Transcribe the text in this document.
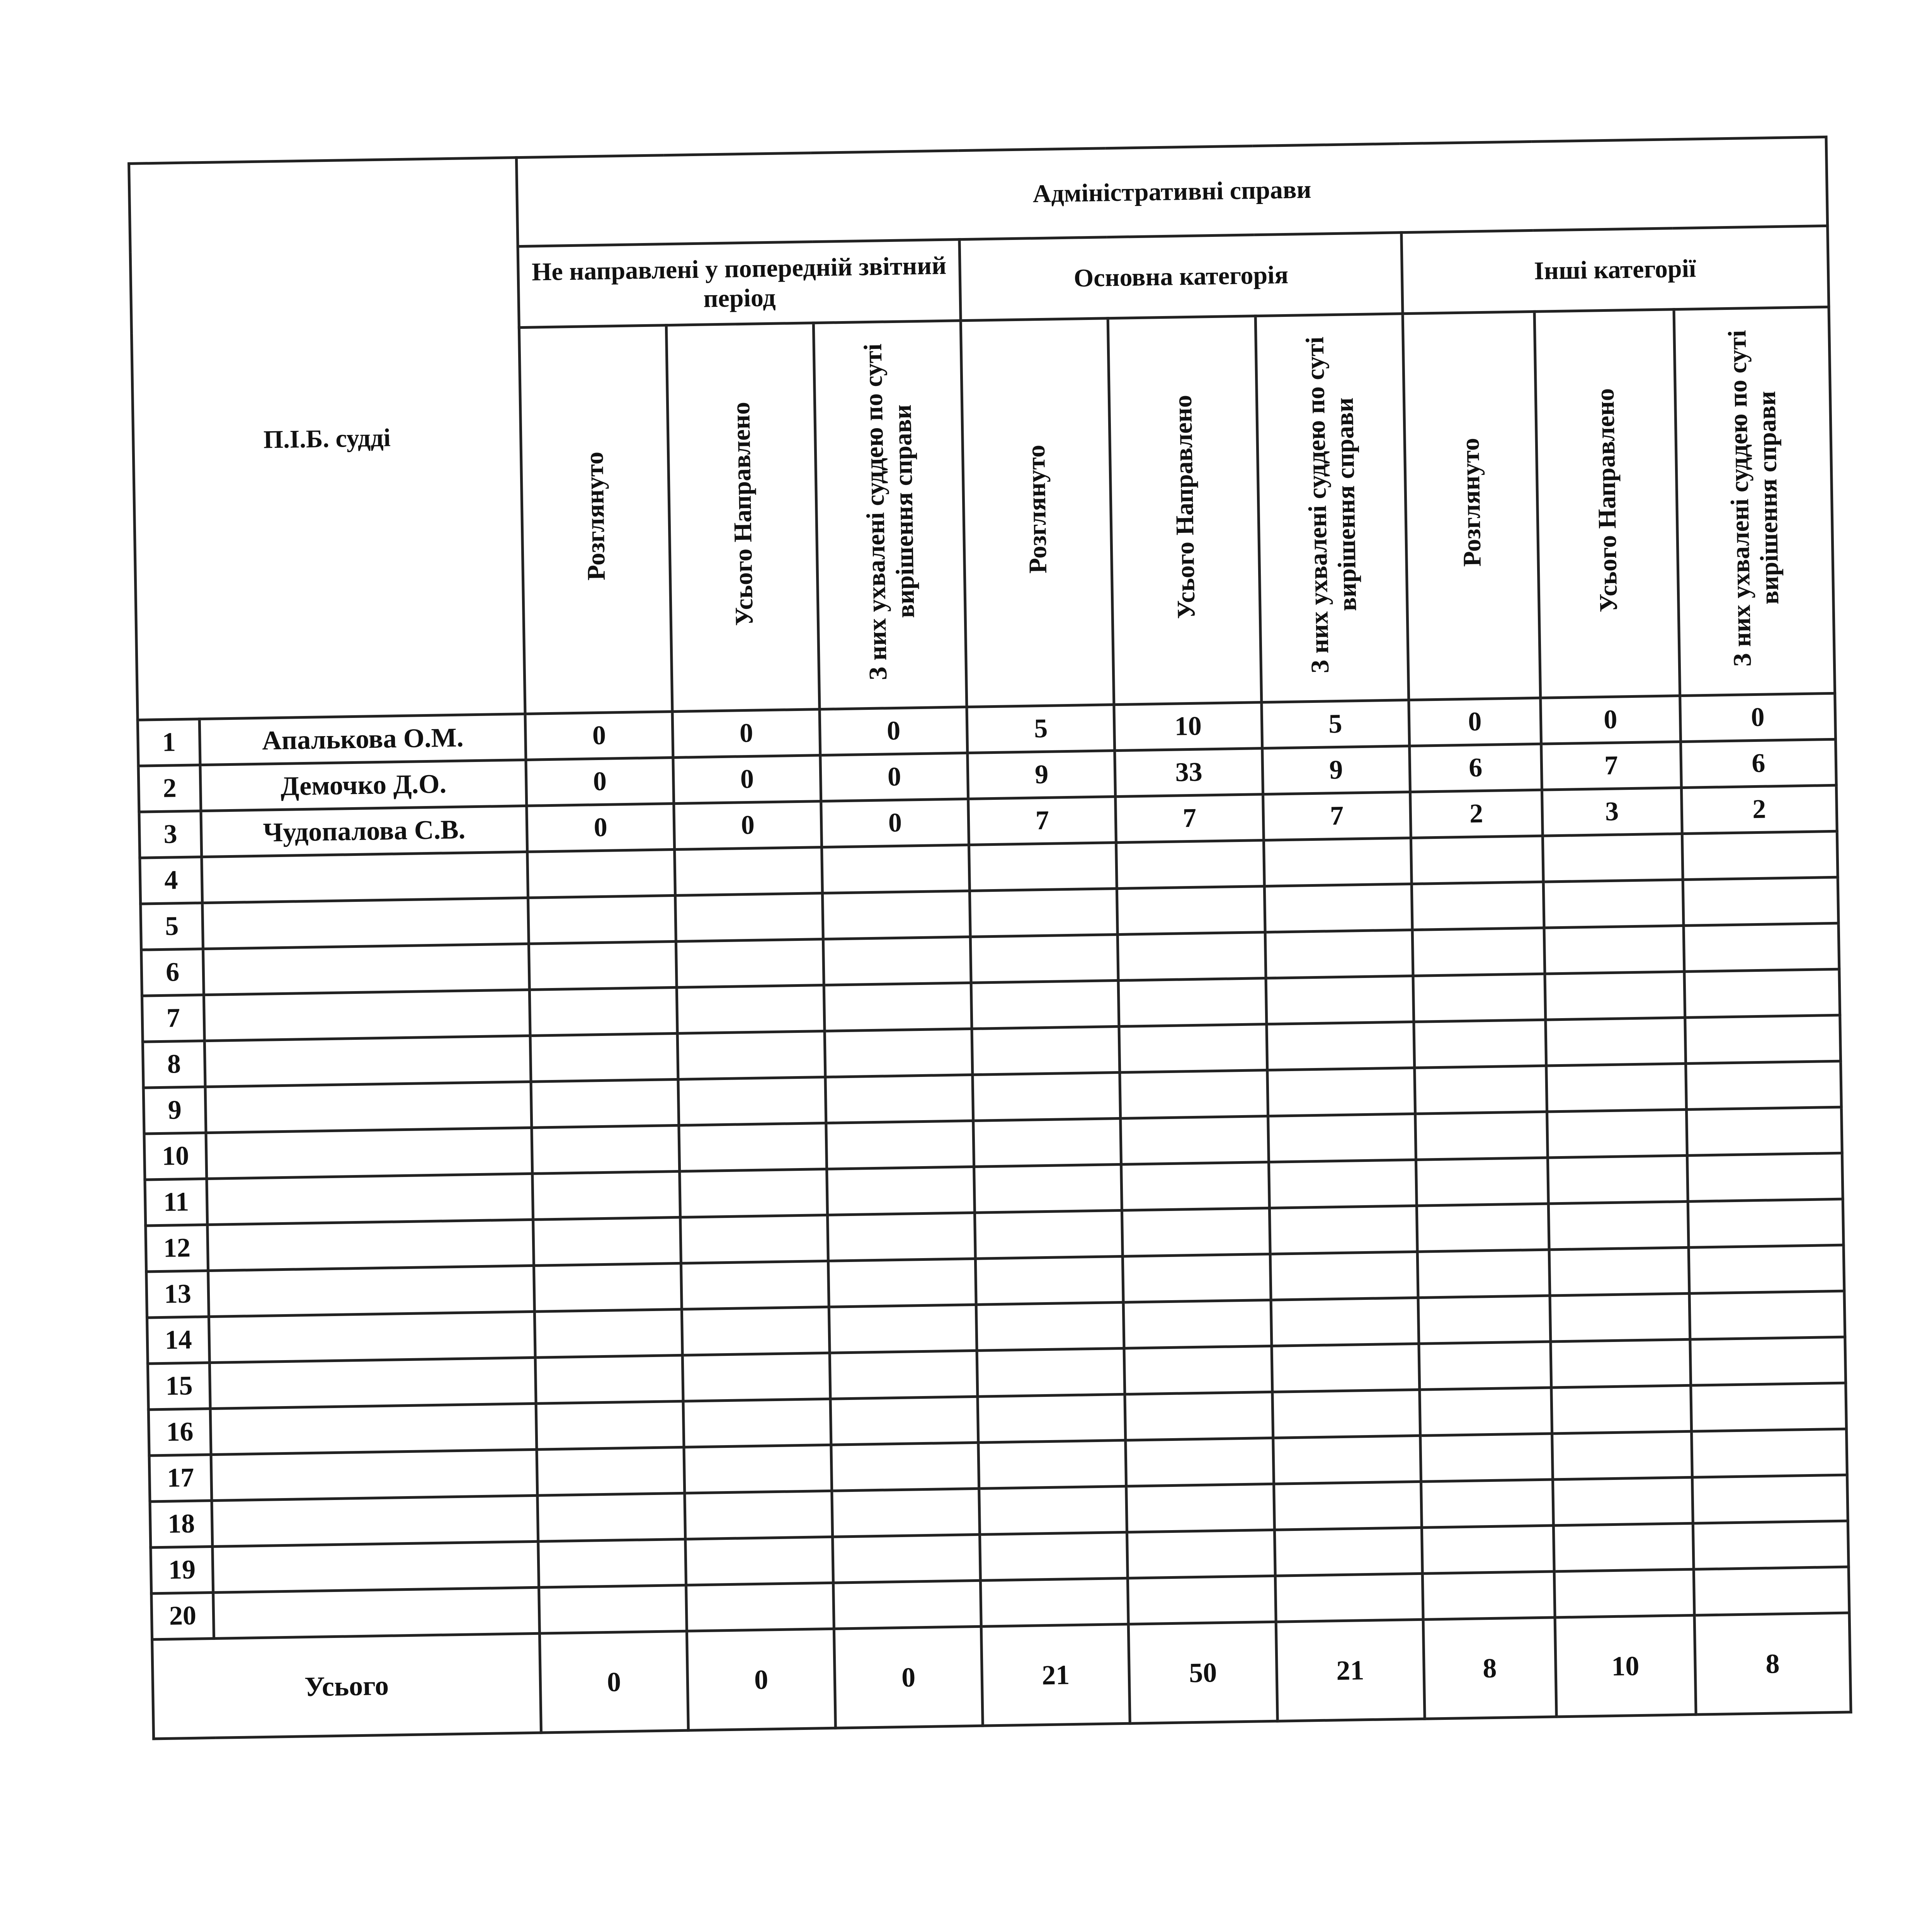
П.І.Б. судді		Адміністративні справи								
		Не направлені у попередній звітний період			Основна категорія			Інші категорії		
		Розглянуто	Усього Направлено	З них ухвалені суддею по суті вирішення справи	Розглянуто	Усього Направлено	З них ухвалені суддею по суті вирішення справи	Розглянуто	Усього Направлено	З них ухвалені суддею по суті вирішення справи
1	Апалькова О.М.	0	0	0	5	10	5	0	0	0
2	Демочко Д.О.	0	0	0	9	33	9	6	7	6
3	Чудопалова С.В.	0	0	0	7	7	7	2	3	2
4										
5										
6										
7										
8										
9										
10										
11										
12										
13										
14										
15										
16										
17										
18										
19										
20										
Усього		0	0	0	21	50	21	8	10	8
